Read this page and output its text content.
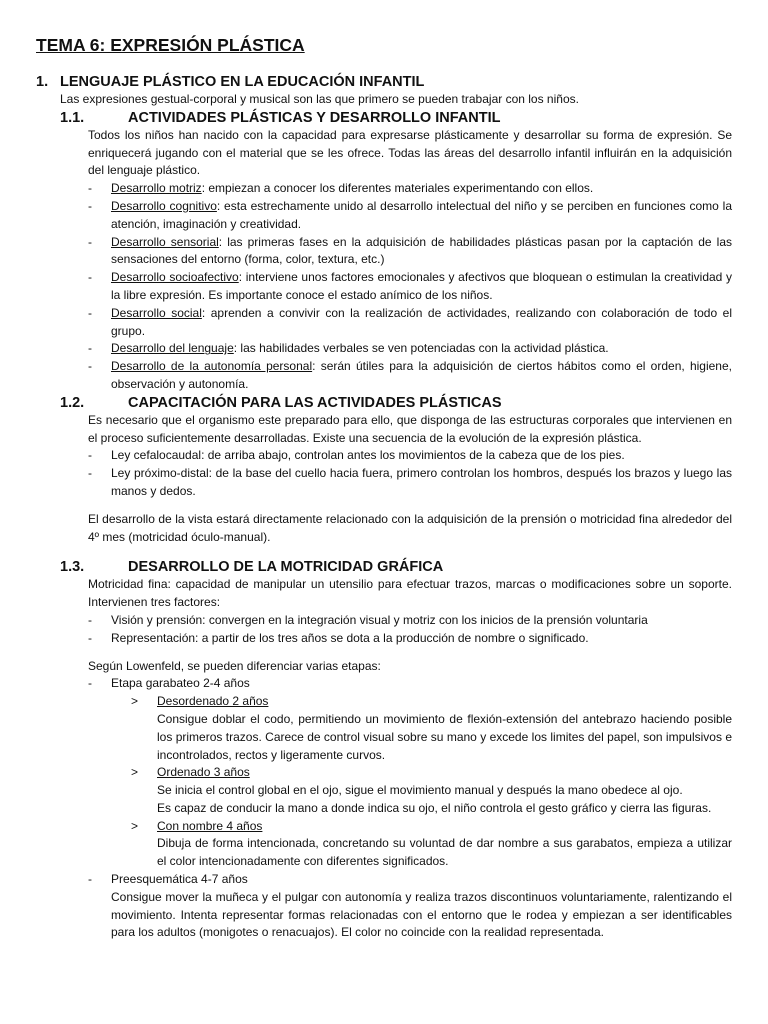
TEMA 6: EXPRESIÓN PLÁSTICA
1. LENGUAJE PLÁSTICO EN LA EDUCACIÓN INFANTIL

Las expresiones gestual-corporal y musical son las que primero se pueden trabajar con los niños.

1.1.	ACTIVIDADES PLÁSTICAS Y DESARROLLO INFANTIL

Todos los niños han nacido con la capacidad para expresarse plásticamente y desarrollar su forma de expresión. Se enriquecerá jugando con el material que se les ofrece. Todas las áreas del desarrollo infantil influirán en la adquisición del lenguaje plástico.

-	Desarrollo motriz: empiezan a conocer los diferentes materiales experimentando con ellos.
-	Desarrollo cognitivo: esta estrechamente unido al desarrollo intelectual del niño y se perciben en funciones como la atención, imaginación y creatividad.
-	Desarrollo sensorial: las primeras fases en la adquisición de habilidades plásticas pasan por la captación de las sensaciones del entorno (forma, color, textura, etc.)
-	Desarrollo socioafectivo: interviene unos factores emocionales y afectivos que bloquean o estimulan la creatividad y la libre expresión. Es importante conoce el estado anímico de los niños.
-	Desarrollo social: aprenden a convivir con la realización de actividades, realizando con colaboración de todo el grupo.
-	Desarrollo del lenguaje: las habilidades verbales se ven potenciadas con la actividad plástica.
-	Desarrollo de la autonomía personal: serán útiles para la adquisición de ciertos hábitos como el orden, higiene, observación y autonomía.
1.2.	CAPACITACIÓN PARA LAS ACTIVIDADES PLÁSTICAS

Es necesario que el organismo este preparado para ello, que disponga de las estructuras corporales que intervienen en el proceso suficientemente desarrolladas. Existe una secuencia de la evolución de la expresión plástica.

-	Ley cefalocaudal: de arriba abajo, controlan antes los movimientos de la cabeza que de los pies.
-	Ley próximo-distal: de la base del cuello hacia fuera, primero controlan los hombros, después los brazos y luego las manos y dedos.

El desarrollo de la vista estará directamente relacionado con la adquisición de la prensión o motricidad fina alrededor del 4º mes (motricidad óculo-manual).

1.3.	DESARROLLO DE LA MOTRICIDAD GRÁFICA

Motricidad fina: capacidad de manipular un utensilio para efectuar trazos, marcas o modificaciones sobre un soporte. Intervienen tres factores:

-	Visión y prensión: convergen en la integración visual y motriz con los inicios de la prensión voluntaria
-	Representación: a partir de los tres años se dota a la producción de nombre o significado.

Según Lowenfeld, se pueden diferenciar varias etapas:

-	Etapa garabateo 2-4 años
>	Desordenado 2 años

Consigue doblar el codo, permitiendo un movimiento de flexión-extensión del antebrazo haciendo posible los primeros trazos. Carece de control visual sobre su mano y excede los limites del papel, son impulsivos e incontrolados, rectos y ligeramente curvos.

>	Ordenado 3 años

Se inicia el control global en el ojo, sigue el movimiento manual y después la mano obedece al ojo.

Es capaz de conducir la mano a donde indica su ojo, el niño controla el gesto gráfico y cierra las figuras.

>	Con nombre 4 años

Dibuja de forma intencionada, concretando su voluntad de dar nombre a sus garabatos, empieza a utilizar el color intencionadamente con diferentes significados.

-	Preesquemática 4-7 años

Consigue mover la muñeca y el pulgar con autonomía y realiza trazos discontinuos voluntariamente, ralentizando el movimiento. Intenta representar formas relacionadas con el entorno que le rodea y empiezan a ser identificables para los adultos (monigotes o renacuajos). El color no coincide con la realidad representada.
